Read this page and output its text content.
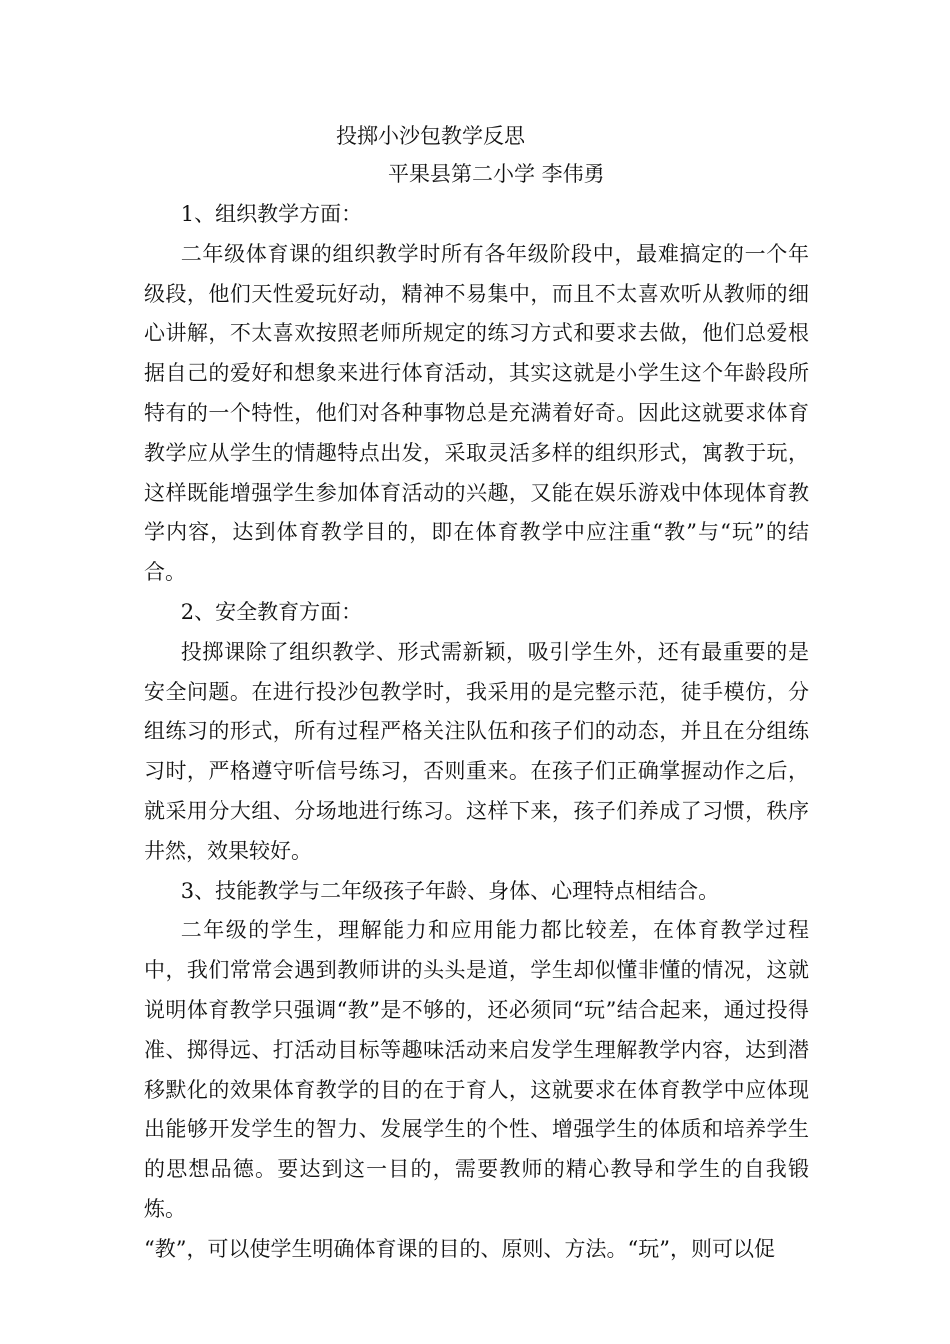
投掷小沙包教学反思
平果县第二小学 李伟勇

1、组织教学方面：

二年级体育课的组织教学时所有各年级阶段中，最难搞定的一个年级段，他们天性爱玩好动，精神不易集中，而且不太喜欢听从教师的细心讲解，不太喜欢按照老师所规定的练习方式和要求去做，他们总爱根据自己的爱好和想象来进行体育活动，其实这就是小学生这个年龄段所特有的一个特性，他们对各种事物总是充满着好奇。因此这就要求体育教学应从学生的情趣特点出发，采取灵活多样的组织形式，寓教于玩，这样既能增强学生参加体育活动的兴趣，又能在娱乐游戏中体现体育教学内容，达到体育教学目的，即在体育教学中应注重“教”与“玩”的结合。

2、安全教育方面：

投掷课除了组织教学、形式需新颖，吸引学生外，还有最重要的是安全问题。在进行投沙包教学时，我采用的是完整示范，徒手模仿，分组练习的形式，所有过程严格关注队伍和孩子们的动态，并且在分组练习时，严格遵守听信号练习，否则重来。在孩子们正确掌握动作之后，就采用分大组、分场地进行练习。这样下来，孩子们养成了习惯，秩序井然，效果较好。

3、技能教学与二年级孩子年龄、身体、心理特点相结合。

二年级的学生，理解能力和应用能力都比较差，在体育教学过程中，我们常常会遇到教师讲的头头是道，学生却似懂非懂的情况，这就说明体育教学只强调“教”是不够的，还必须同“玩”结合起来，通过投得准、掷得远、打活动目标等趣味活动来启发学生理解教学内容，达到潜移默化的效果体育教学的目的在于育人，这就要求在体育教学中应体现出能够开发学生的智力、发展学生的个性、增强学生的体质和培养学生的思想品德。要达到这一目的，需要教师的精心教导和学生的自我锻炼。

“教”，可以使学生明确体育课的目的、原则、方法。“玩”，则可以促
